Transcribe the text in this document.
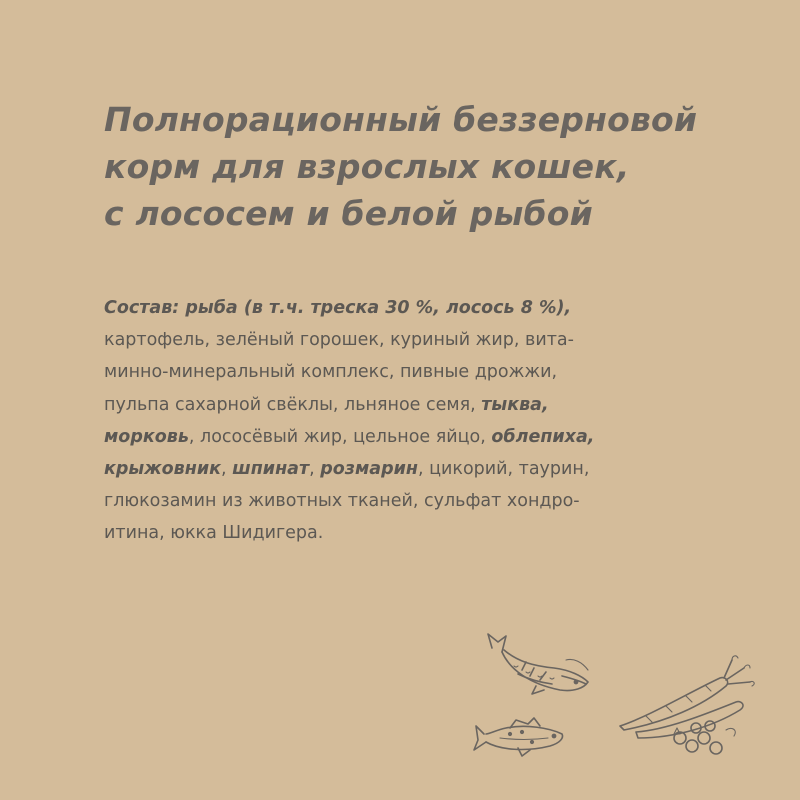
Полнорационный беззерновой
корм для взрослых кошек,
с лососем и белой рыбой

Состав: рыба (в т.ч. треска 30 %, лосось 8 %),
картофель, зелёный горошек, куриный жир, вита-
минно-минеральный комплекс, пивные дрожжи,
пульпа сахарной свёклы, льняное семя, тыква,
морковь, лососёвый жир, цельное яйцо, облепиха,
крыжовник, шпинат, розмарин, цикорий, таурин,
глюкозамин из животных тканей, сульфат хондро-
итина, юкка Шидигера.
